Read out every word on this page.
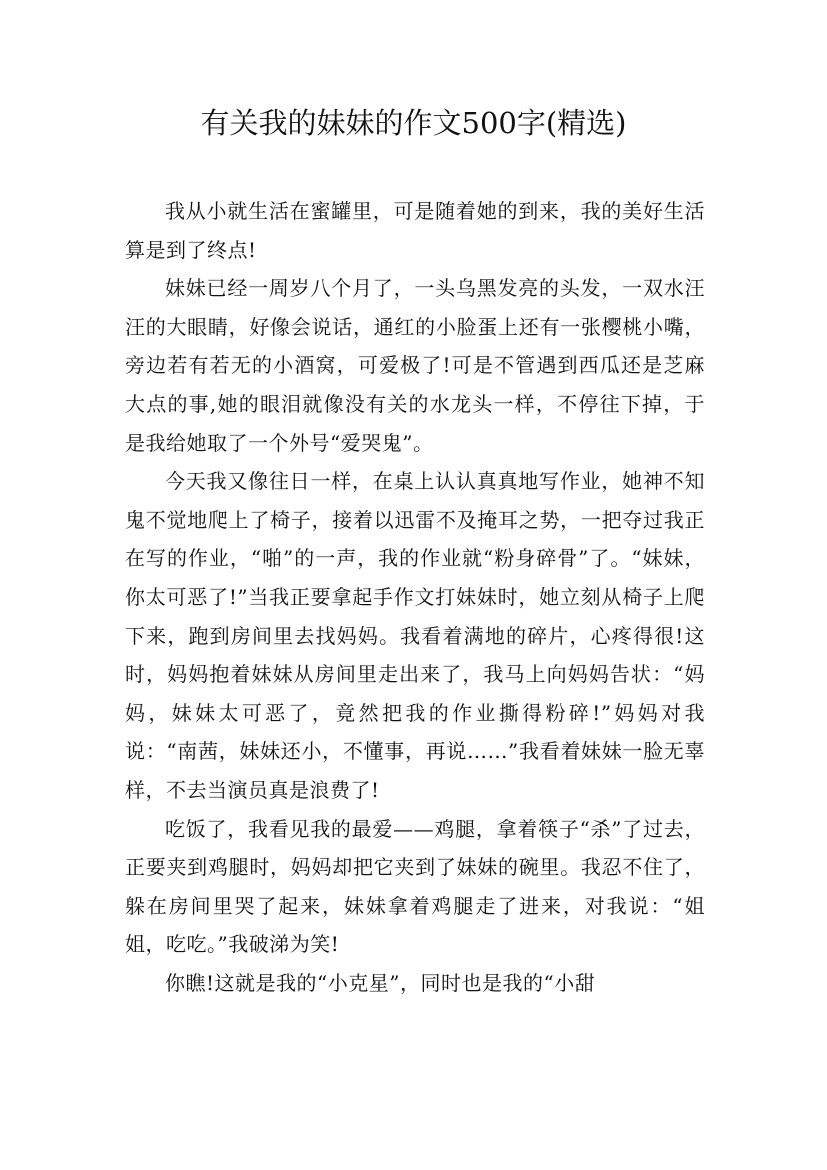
有关我的妹妹的作文500字(精选)

我从小就生活在蜜罐里，可是随着她的到来，我的美好生活算是到了终点!

妹妹已经一周岁八个月了，一头乌黑发亮的头发，一双水汪汪的大眼睛，好像会说话，通红的小脸蛋上还有一张樱桃小嘴，旁边若有若无的小酒窝，可爱极了!可是不管遇到西瓜还是芝麻大点的事,她的眼泪就像没有关的水龙头一样，不停往下掉，于是我给她取了一个外号“爱哭鬼”。

今天我又像往日一样，在桌上认认真真地写作业，她神不知鬼不觉地爬上了椅子，接着以迅雷不及掩耳之势，一把夺过我正在写的作业，“啪”的一声，我的作业就“粉身碎骨”了。“妹妹，你太可恶了!”当我正要拿起手作文打妹妹时，她立刻从椅子上爬下来，跑到房间里去找妈妈。我看着满地的碎片，心疼得很!这时，妈妈抱着妹妹从房间里走出来了，我马上向妈妈告状：“妈妈，妹妹太可恶了，竟然把我的作业撕得粉碎!”妈妈对我说：“南茜，妹妹还小，不懂事，再说……”我看着妹妹一脸无辜样，不去当演员真是浪费了!

吃饭了，我看见我的最爱——鸡腿，拿着筷子“杀”了过去，正要夹到鸡腿时，妈妈却把它夹到了妹妹的碗里。我忍不住了，躲在房间里哭了起来，妹妹拿着鸡腿走了进来，对我说：“姐姐，吃吃。”我破涕为笑!

你瞧!这就是我的“小克星”，同时也是我的“小甜
